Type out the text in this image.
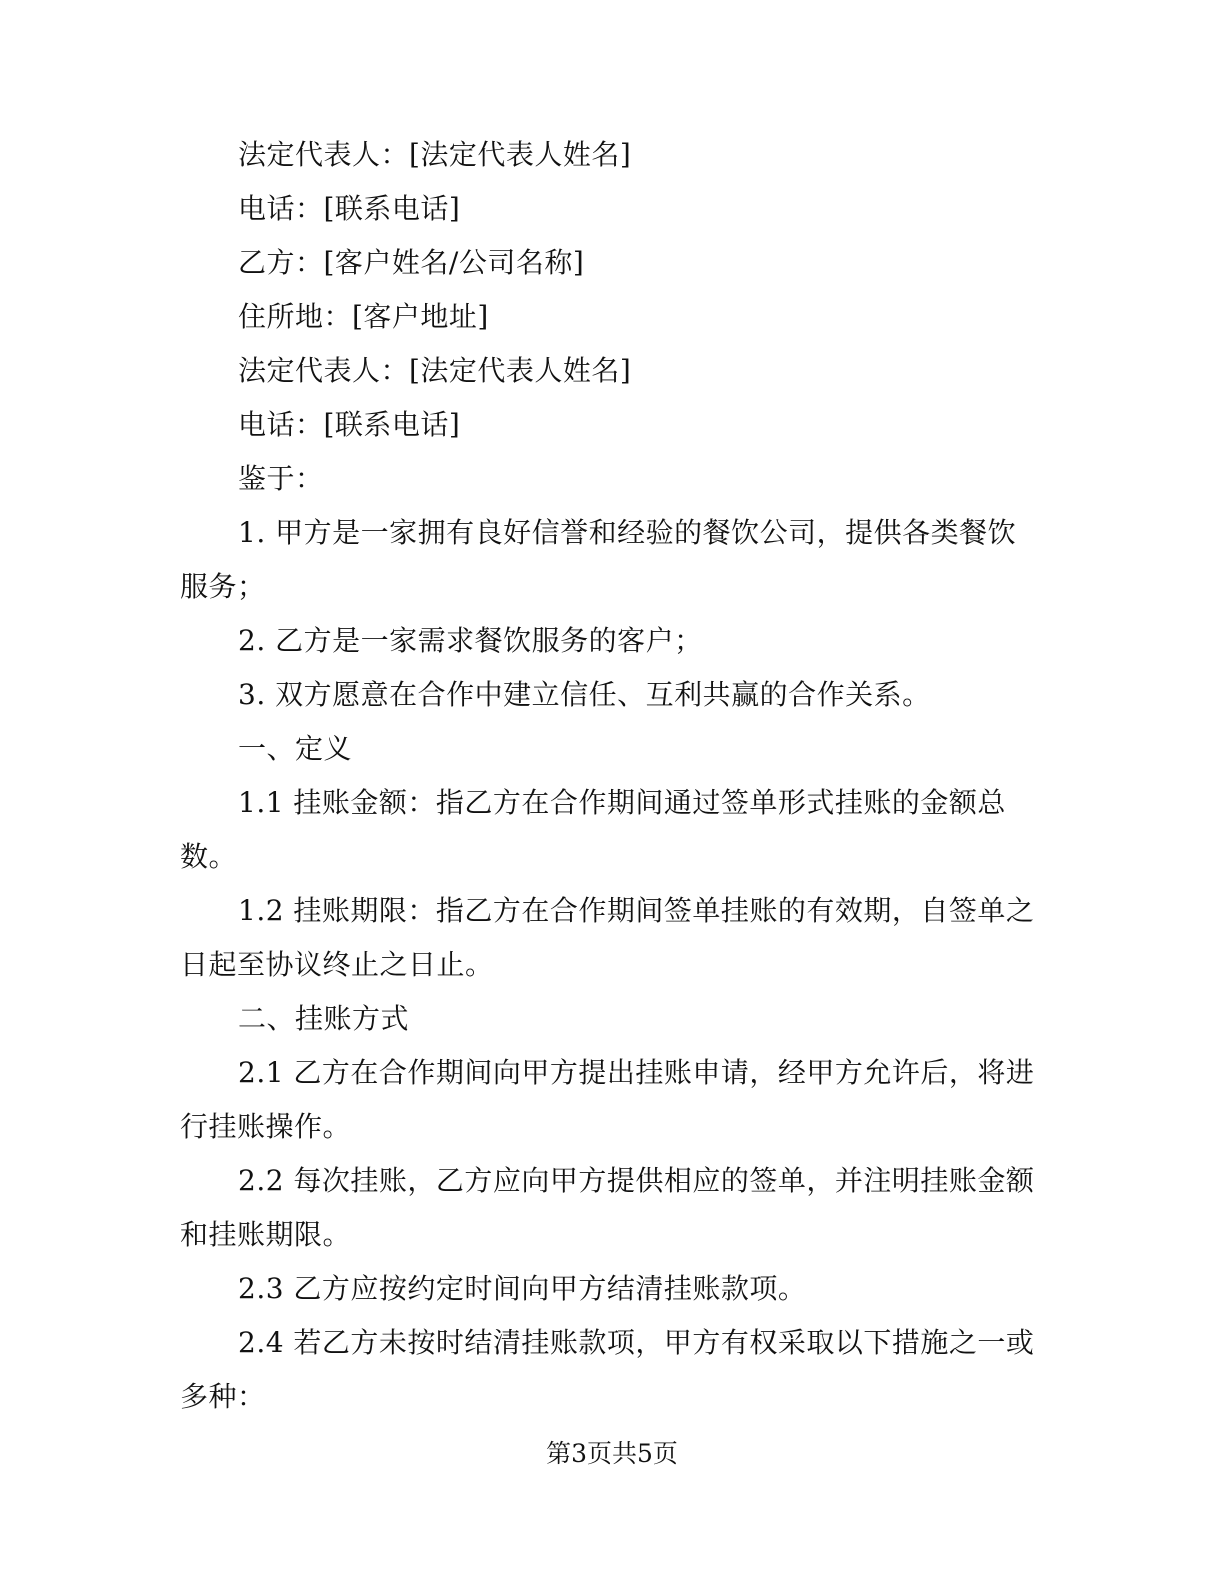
法定代表人：[法定代表人姓名]

电话：[联系电话]

乙方：[客户姓名/公司名称]

住所地：[客户地址]

法定代表人：[法定代表人姓名]

电话：[联系电话]

鉴于：

1. 甲方是一家拥有良好信誉和经验的餐饮公司，提供各类餐饮服务；

2. 乙方是一家需求餐饮服务的客户；

3. 双方愿意在合作中建立信任、互利共赢的合作关系。

一、定义

1.1 挂账金额：指乙方在合作期间通过签单形式挂账的金额总数。

1.2 挂账期限：指乙方在合作期间签单挂账的有效期，自签单之日起至协议终止之日止。

二、挂账方式

2.1 乙方在合作期间向甲方提出挂账申请，经甲方允许后，将进行挂账操作。

2.2 每次挂账，乙方应向甲方提供相应的签单，并注明挂账金额和挂账期限。

2.3 乙方应按约定时间向甲方结清挂账款项。

2.4 若乙方未按时结清挂账款项，甲方有权采取以下措施之一或多种：

第3页共5页
